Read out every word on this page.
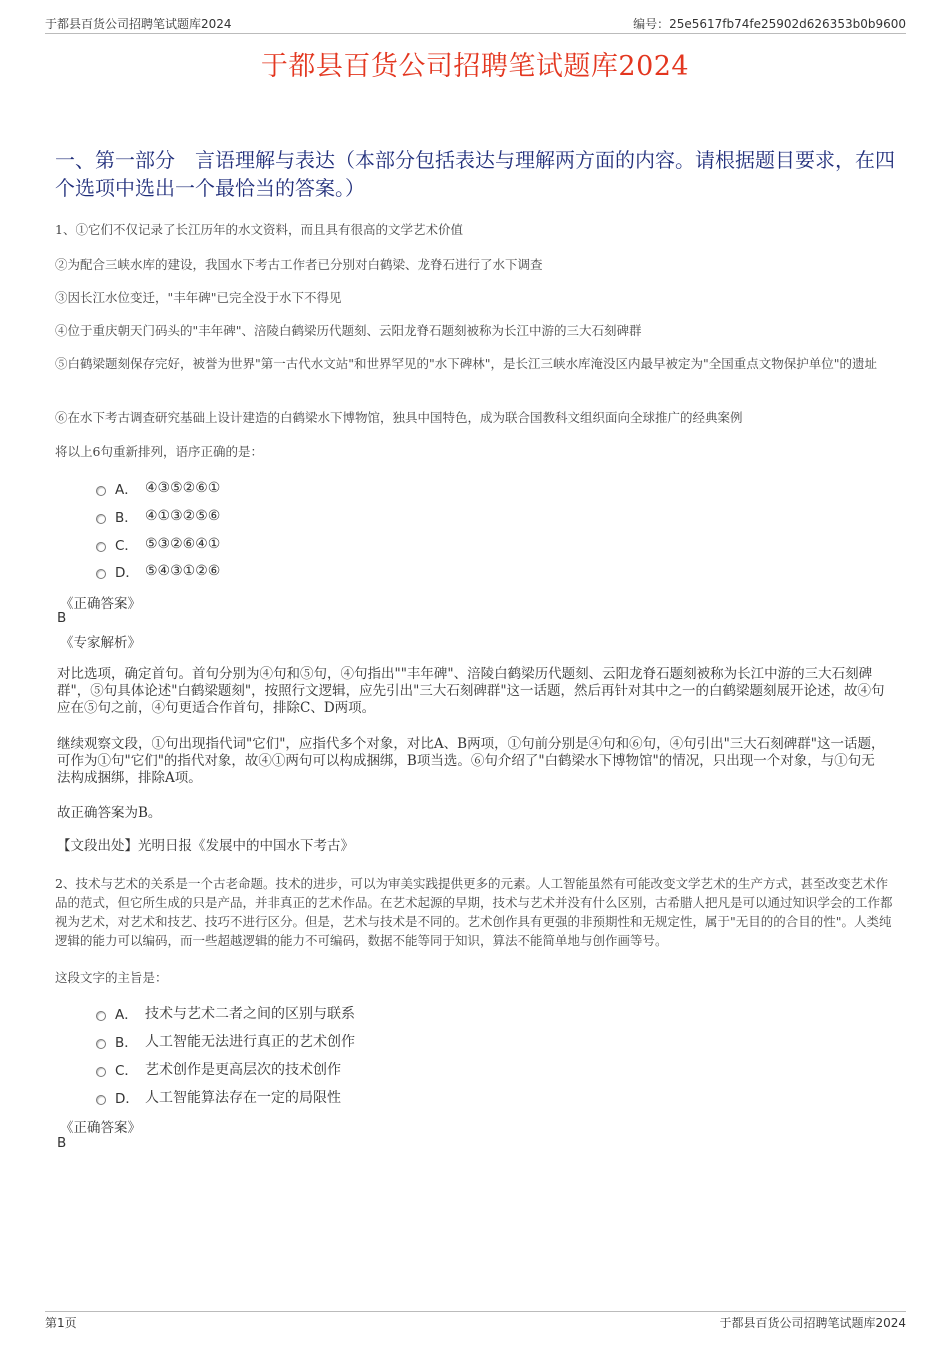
于都县百货公司招聘笔试题库2024	编号：25e5617fb74fe25902d626353b0b9600
于都县百货公司招聘笔试题库2024
一、第一部分　言语理解与表达（本部分包括表达与理解两方面的内容。请根据题目要求，在四个选项中选出一个最恰当的答案。）
1、①它们不仅记录了长江历年的水文资料，而且具有很高的文学艺术价值
②为配合三峡水库的建设，我国水下考古工作者已分别对白鹤梁、龙脊石进行了水下调查
③因长江水位变迁，"丰年碑"已完全没于水下不得见
④位于重庆朝天门码头的"丰年碑"、涪陵白鹤梁历代题刻、云阳龙脊石题刻被称为长江中游的三大石刻碑群
⑤白鹤梁题刻保存完好，被誉为世界"第一古代水文站"和世界罕见的"水下碑林"，是长江三峡水库淹没区内最早被定为"全国重点文物保护单位"的遗址
⑥在水下考古调查研究基础上设计建造的白鹤梁水下博物馆，独具中国特色，成为联合国教科文组织面向全球推广的经典案例
将以上6句重新排列，语序正确的是：
A． ④③⑤②⑥①
B． ④①③②⑤⑥
C． ⑤③②⑥④①
D． ⑤④③①②⑥
《正确答案》
B
《专家解析》
对比选项，确定首句。首句分别为④句和⑤句，④句指出""丰年碑"、涪陵白鹤梁历代题刻、云阳龙脊石题刻被称为长江中游的三大石刻碑群"，⑤句具体论述"白鹤梁题刻"，按照行文逻辑，应先引出"三大石刻碑群"这一话题，然后再针对其中之一的白鹤梁题刻展开论述，故④句应在⑤句之前，④句更适合作首句，排除C、D两项。
继续观察文段，①句出现指代词"它们"，应指代多个对象，对比A、B两项，①句前分别是④句和⑥句，④句引出"三大石刻碑群"这一话题，可作为①句"它们"的指代对象，故④①两句可以构成捆绑，B项当选。⑥句介绍了"白鹤梁水下博物馆"的情况，只出现一个对象，与①句无法构成捆绑，排除A项。
故正确答案为B。
【文段出处】光明日报《发展中的中国水下考古》
2、技术与艺术的关系是一个古老命题。技术的进步，可以为审美实践提供更多的元素。人工智能虽然有可能改变文学艺术的生产方式，甚至改变艺术作品的范式，但它所生成的只是产品，并非真正的艺术作品。在艺术起源的早期，技术与艺术并没有什么区别，古希腊人把凡是可以通过知识学会的工作都视为艺术，对艺术和技艺、技巧不进行区分。但是，艺术与技术是不同的。艺术创作具有更强的非预期性和无规定性，属于"无目的的合目的性"。人类纯逻辑的能力可以编码，而一些超越逻辑的能力不可编码，数据不能等同于知识，算法不能简单地与创作画等号。
这段文字的主旨是：
A． 技术与艺术二者之间的区别与联系
B． 人工智能无法进行真正的艺术创作
C． 艺术创作是更高层次的技术创作
D． 人工智能算法存在一定的局限性
《正确答案》
B
第1页	于都县百货公司招聘笔试题库2024
